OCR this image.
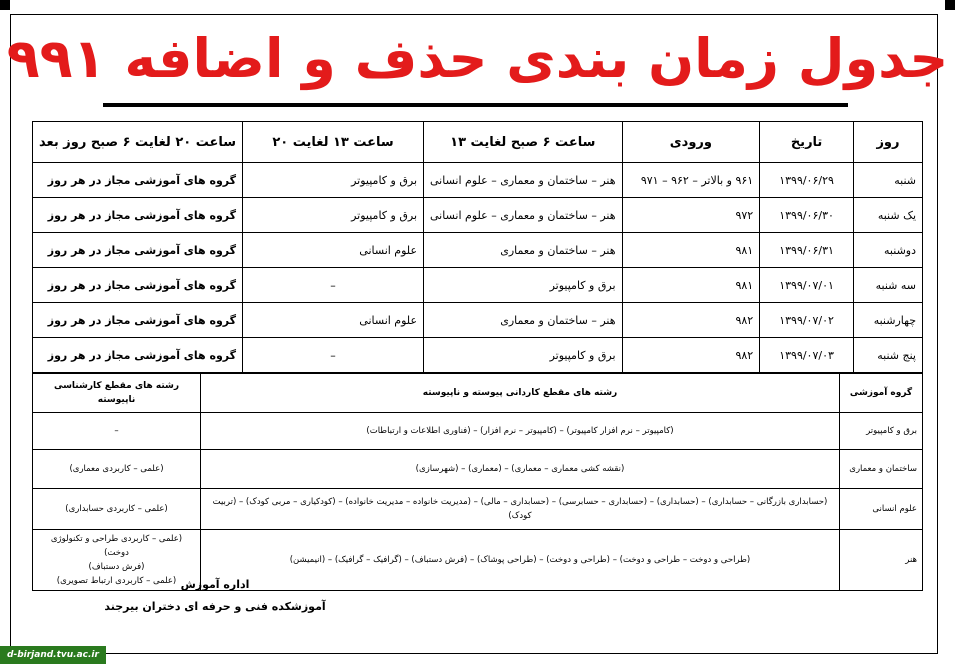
جدول زمان بندی حذف و اضافه ۹۹۱
روز	تاریخ	ورودی	ساعت ۶ صبح لغایت ۱۳	ساعت ۱۳ لغایت ۲۰	ساعت ۲۰ لغایت ۶ صبح روز بعد
شنبه	۱۳۹۹/۰۶/۲۹	۹۶۱ و بالاتر – ۹۶۲ – ۹۷۱	هنر – ساختمان و معماری – علوم انسانی	برق و کامپیوتر	گروه های آموزشی مجاز در هر روز
یک شنبه	۱۳۹۹/۰۶/۳۰	۹۷۲	هنر – ساختمان و معماری – علوم انسانی	برق و کامپیوتر	گروه های آموزشی مجاز در هر روز
دوشنبه	۱۳۹۹/۰۶/۳۱	۹۸۱	هنر – ساختمان و معماری	علوم انسانی	گروه های آموزشی مجاز در هر روز
سه شنبه	۱۳۹۹/۰۷/۰۱	۹۸۱	برق و کامپیوتر	–	گروه های آموزشی مجاز در هر روز
چهارشنبه	۱۳۹۹/۰۷/۰۲	۹۸۲	هنر – ساختمان و معماری	علوم انسانی	گروه های آموزشی مجاز در هر روز
پنج شنبه	۱۳۹۹/۰۷/۰۳	۹۸۲	برق و کامپیوتر	–	گروه های آموزشی مجاز در هر روز
گروه آموزشی	رشته های مقطع کاردانی پیوسته و ناپیوسته	رشته های مقطع کارشناسی ناپیوسته
برق و کامپیوتر	(کامپیوتر – نرم افزار کامپیوتر) – (کامپیوتر – نرم افزار) – (فناوری اطلاعات و ارتباطات)	–

ساختمان و معماری	(نقشه کشی معماری – معماری) – (معماری) – (شهرسازی)	(علمی – کاربردی معماری)

علوم انسانی	(حسابداری بازرگانی – حسابداری) – (حسابداری) – (حسابداری – حسابرسی) – (حسابداری – مالی) – (مدیریت خانواده – مدیریت خانواده) – (کودکیاری – مربی کودک) – (تربیت کودک)	(علمی – کاربردی حسابداری)

هنر	(طراحی و دوخت – طراحی و دوخت) – (طراحی و دوخت) – (طراحی پوشاک) – (فرش دستباف) – (گرافیک – گرافیک) – (انیمیشن)	(علمی – کاربردی طراحی و تکنولوژی دوخت)
(فرش دستباف)
(علمی – کاربردی ارتباط تصویری) اداره آموزش
آموزشکده فنی و حرفه ای دختران بیرجند
d-birjand.tvu.ac.ir
